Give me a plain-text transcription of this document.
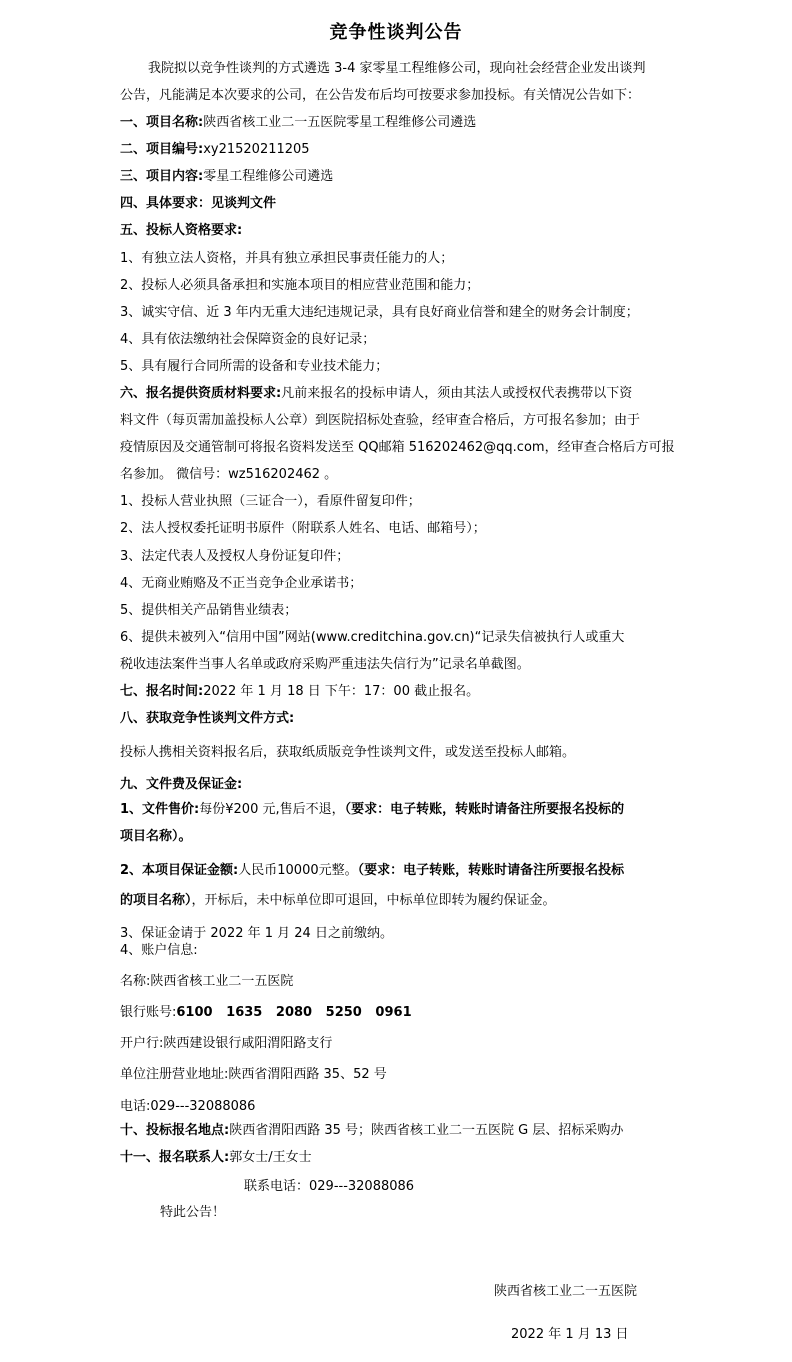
竞争性谈判公告
我院拟以竞争性谈判的方式遴选 3-4 家零星工程维修公司，现向社会经营企业发出谈判
公告，凡能满足本次要求的公司，在公告发布后均可按要求参加投标。有关情况公告如下：
一、项目名称:陕西省核工业二一五医院零星工程维修公司遴选
二、项目编号:xy21520211205
三、项目内容:零星工程维修公司遴选
四、具体要求：见谈判文件
五、投标人资格要求:
1、有独立法人资格，并具有独立承担民事责任能力的人；
2、投标人必须具备承担和实施本项目的相应营业范围和能力；
3、诚实守信、近 3 年内无重大违纪违规记录，具有良好商业信誉和建全的财务会计制度；
4、具有依法缴纳社会保障资金的良好记录；
5、具有履行合同所需的设备和专业技术能力；
六、报名提供资质材料要求:凡前来报名的投标申请人，须由其法人或授权代表携带以下资
料文件（每页需加盖投标人公章）到医院招标处查验，经审查合格后，方可报名参加；由于
疫情原因及交通管制可将报名资料发送至 QQ邮箱 516202462@qq.com，经审查合格后方可报
名参加。 微信号：wz516202462 。
1、投标人营业执照（三证合一），看原件留复印件；
2、法人授权委托证明书原件（附联系人姓名、电话、邮箱号）；
3、法定代表人及授权人身份证复印件；
4、无商业贿赂及不正当竞争企业承诺书；
5、提供相关产品销售业绩表；
6、提供未被列入“信用中国”网站(www.creditchina.gov.cn)“记录失信被执行人或重大
税收违法案件当事人名单或政府采购严重违法失信行为”记录名单截图。
七、报名时间:2022 年 1 月 18 日 下午：17：00 截止报名。
八、获取竞争性谈判文件方式:
投标人携相关资料报名后，获取纸质版竞争性谈判文件，或发送至投标人邮箱。
九、文件费及保证金:
1、文件售价:每份¥200 元,售后不退，（要求：电子转账，转账时请备注所要报名投标的
项目名称）。
2、本项目保证金额:人民币10000元整。（要求：电子转账，转账时请备注所要报名投标
的项目名称），开标后，未中标单位即可退回，中标单位即转为履约保证金。
3、保证金请于 2022 年 1 月 24 日之前缴纳。
4、账户信息:
名称:陕西省核工业二一五医院
银行账号:6100   1635   2080   5250   0961
开户行:陕西建设银行咸阳渭阳路支行
单位注册营业地址:陕西省渭阳西路 35、52 号
电话:029---32088086
十、投标报名地点:陕西省渭阳西路 35 号；陕西省核工业二一五医院 G 层、招标采购办
十一、报名联系人:郭女士/王女士
联系电话：029---32088086
特此公告！
陕西省核工业二一五医院
2022 年 1 月 13 日
